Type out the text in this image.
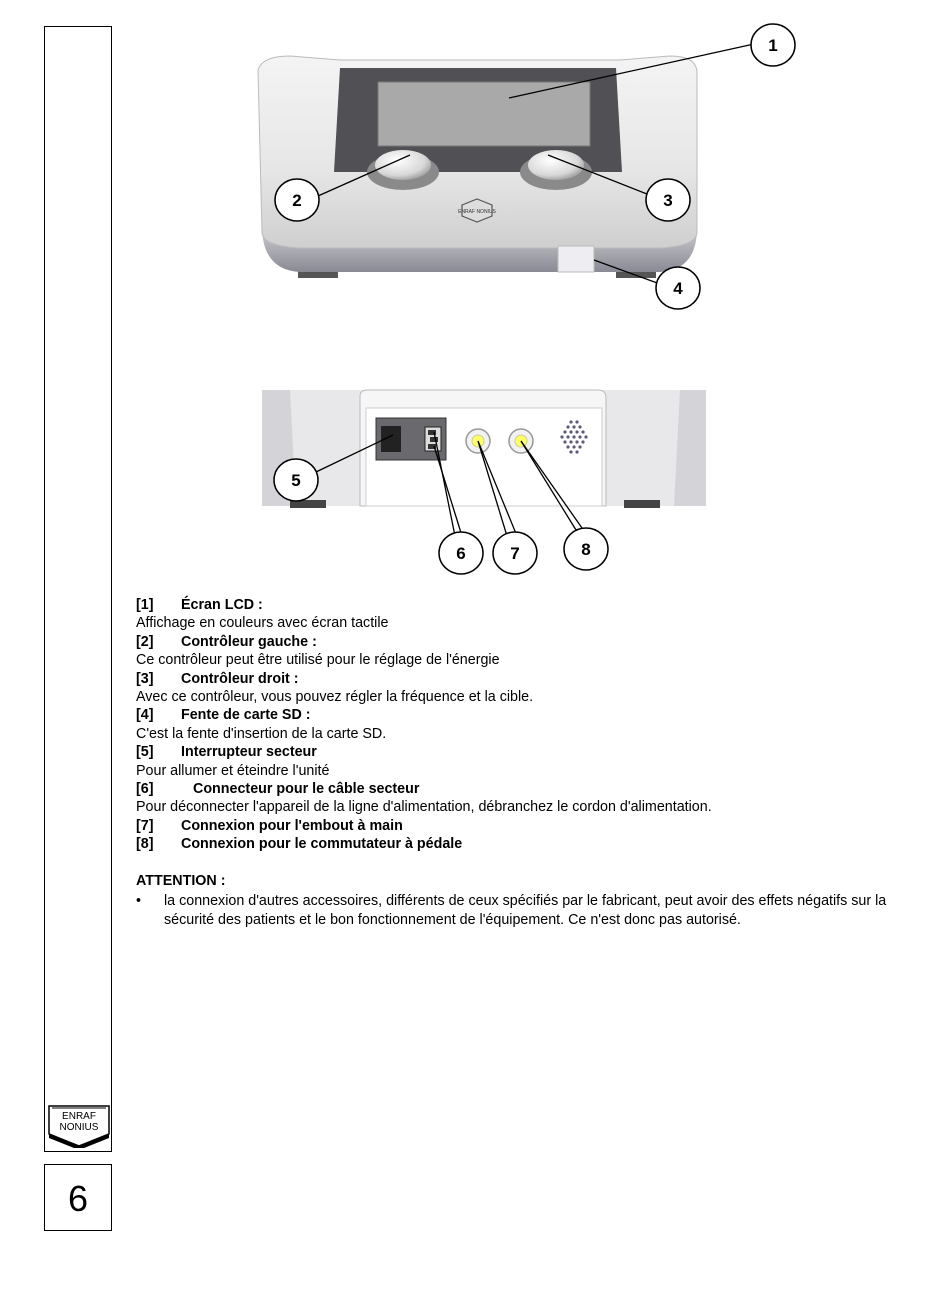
ENRAF
NONIUS
6
ENRAF NONIUS
1
2	3
4
5
6	7	8
[1] Écran LCD :
Affichage en couleurs avec écran tactile
[2] Contrôleur gauche :
Ce contrôleur peut être utilisé pour le réglage de l'énergie
[3] Contrôleur droit :
Avec ce contrôleur, vous pouvez régler la fréquence et la cible.
[4] Fente de carte SD :
C'est la fente d'insertion de la carte SD.
[5] Interrupteur secteur
Pour allumer et éteindre l'unité
[6]	Connecteur pour le câble secteur
Pour déconnecter l'appareil de la ligne d'alimentation, débranchez le cordon d'alimentation.
[7] Connexion pour l'embout à main
[8] Connexion pour le commutateur à pédale
ATTENTION :
• la connexion d'autres accessoires, différents de ceux spécifiés par le fabricant, peut avoir des effets négatifs sur la sécurité des patients et le bon fonctionnement de l'équipement. Ce n'est donc pas autorisé.
